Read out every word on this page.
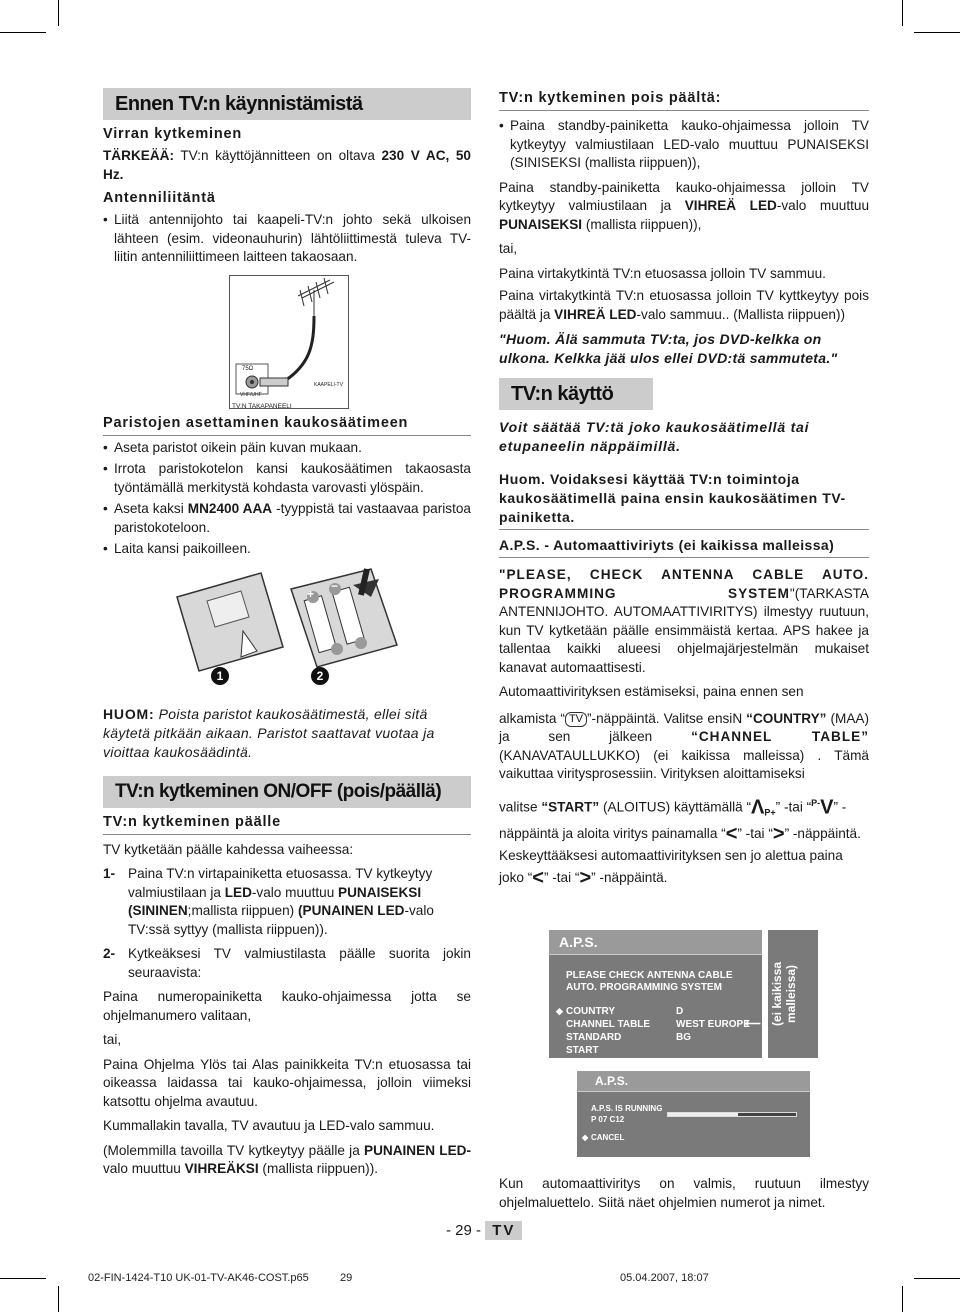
Ennen TV:n käynnistämistä
Virran kytkeminen
TÄRKEÄÄ: TV:n käyttöjännitteen on oltava 230 V AC, 50 Hz.
Antenniliitäntä
• Liitä antennijohto tai kaapeli-TV:n johto sekä ulkoisen lähteen (esim. videonauhurin) lähtöliittimestä tuleva TV-liitin antenniliittimeen laitteen takaosaan.
75Ω
VHF/UHF
KAAPELI-TV
TV:N TAKAPANEELI
Paristojen asettaminen kaukosäätimeen
• Aseta paristot oikein päin kuvan mukaan.
• Irrota paristokotelon kansi kaukosäätimen takaosasta työntämällä merkitystä kohdasta varovasti ylöspäin.
• Aseta kaksi MN2400 AAA -tyyppistä tai vastaavaa paristoa paristokoteloon.
• Laita kansi paikoilleen.
+
−
1	2
HUOM: Poista paristot kaukosäätimestä, ellei sitä käytetä pitkään aikaan. Paristot saattavat vuotaa ja vioittaa kaukosäädintä.
TV:n kytkeminen ON/OFF (pois/päällä)
TV:n kytkeminen päälle
TV kytketään päälle kahdessa vaiheessa:
1- Paina TV:n virtapainiketta etuosassa. TV kytkeytyy valmiustilaan ja LED-valo muuttuu PUNAISEKSI (SININEN;mallista riippuen) (PUNAINEN LED-valo TV:ssä syttyy (mallista riippuen)).
2- Kytkeäksesi TV valmiustilasta päälle suorita jokin seuraavista:
Paina numeropainiketta kauko-ohjaimessa jotta se ohjelmanumero valitaan,
tai,
Paina Ohjelma Ylös tai Alas painikkeita TV:n etuosassa tai oikeassa laidassa tai kauko-ohjaimessa, jolloin viimeksi katsottu ohjelma avautuu.
Kummallakin tavalla, TV avautuu ja LED-valo sammuu.
(Molemmilla tavoilla TV kytkeytyy päälle ja PUNAINEN LED-valo muuttuu VIHREÄKSI (mallista riippuen)).
TV:n kytkeminen pois päältä:
• Paina standby-painiketta kauko-ohjaimessa jolloin TV kytkeytyy valmiustilaan LED-valo muuttuu PUNAISEKSI (SINISEKSI (mallista riippuen)),
Paina standby-painiketta kauko-ohjaimessa jolloin TV kytkeytyy valmiustilaan ja VIHREÄ LED-valo muuttuu PUNAISEKSI (mallista riippuen)),
tai,
Paina virtakytkintä TV:n etuosassa jolloin TV sammuu.
Paina virtakytkintä TV:n etuosassa jolloin TV kyttkeytyy pois päältä ja VIHREÄ LED-valo sammuu.. (Mallista riippuen))
"Huom. Älä sammuta TV:ta, jos DVD-kelkka on ulkona. Kelkka jää ulos ellei DVD:tä sammuteta."
TV:n käyttö
Voit säätää TV:tä joko kaukosäätimellä tai etupaneelin näppäimillä.
Huom. Voidaksesi käyttää TV:n toimintoja kaukosäätimellä paina ensin kaukosäätimen TV-painiketta.
A.P.S. - Automaattiviriyts (ei kaikissa malleissa)
"PLEASE, CHECK ANTENNA CABLE AUTO. PROGRAMMING SYSTEM"(TARKASTA ANTENNIJOHTO. AUTOMAATTIVIRITYS) ilmestyy ruutuun, kun TV kytketään päälle ensimmäistä kertaa. APS hakee ja tallentaa kaikki alueesi ohjelmajärjestelmän mukaiset kanavat automaattisesti.
Automaattivirityksen estämiseksi, paina ennen sen
alkamista “ TV ”-näppäintä. Valitse ensiN “COUNTRY” (MAA) ja sen jälkeen “CHANNEL TABLE” (KANAVATAULLUKKO) (ei kaikissa malleissa) . Tämä vaikuttaa viritysprosessiin. Virityksen aloittamiseksi
valitse “START” (ALOITUS) käyttämällä “$\Lambda_{P+}$” -tai “$^{P-}$V” -näppäintä ja aloita viritys painamalla “<” -tai “>” -näppäintä. Keskeyttääksesi automaattivirityksen sen jo alettua paina joko “<” -tai “>” -näppäintä.
A.P.S.
PLEASE CHECK ANTENNA CABLE
AUTO. PROGRAMMING SYSTEM
◆ COUNTRY	D
CHANNEL TABLE	WEST EUROPE
⟵
STANDARD	BG
START
(ei kaikissa malleissa)
A.P.S.
A.P.S. IS RUNNING
P 07 C12
◆ CANCEL
Kun automaattiviritys on valmis, ruutuun ilmestyy ohjelmaluettelo. Siitä näet ohjelmien numerot ja nimet.
- 29 - TV
02-FIN-1424-T10 UK-01-TV-AK46-COST.p65	29	05.04.2007, 18:07
